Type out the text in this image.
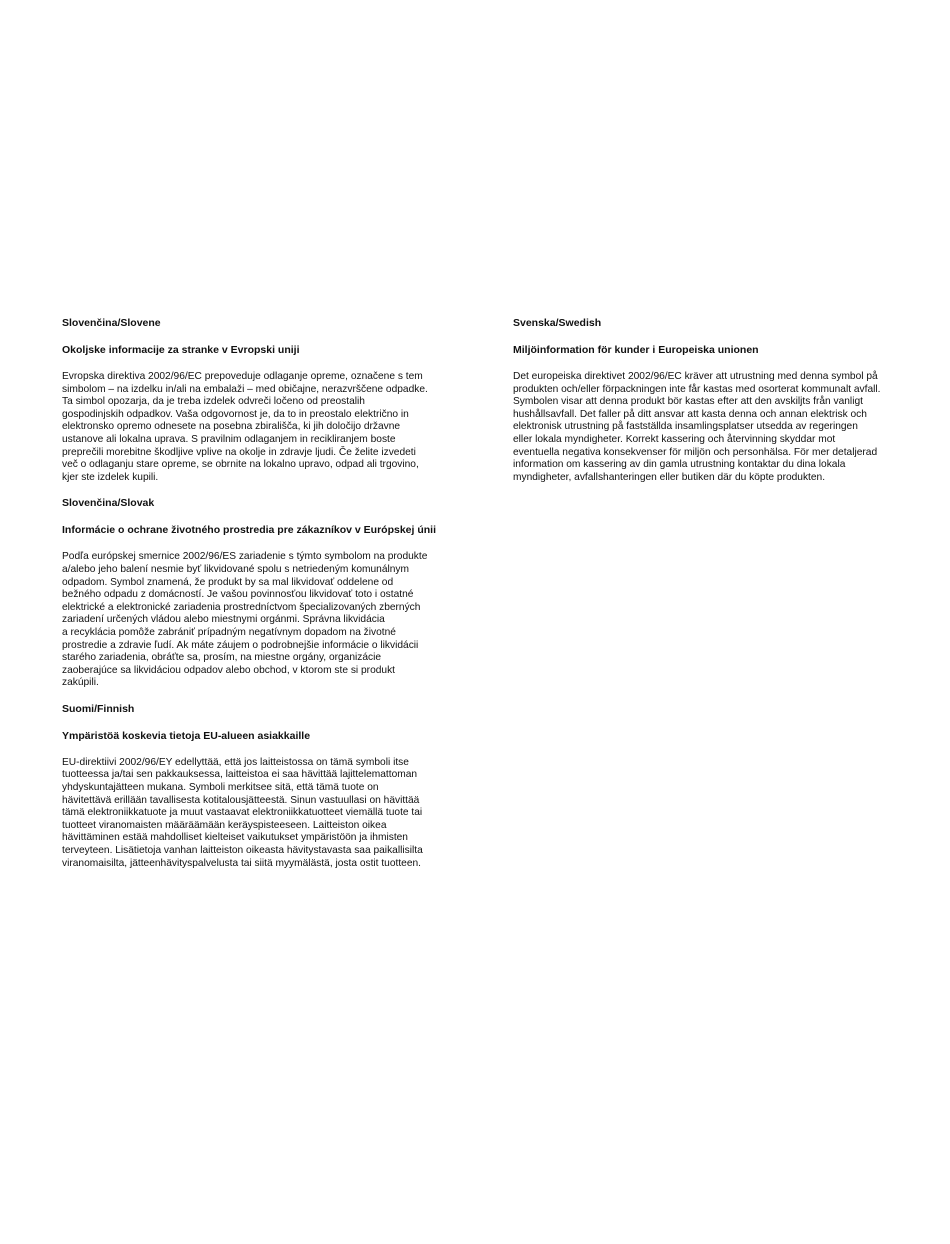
Slovenčina/Slovene
Okoljske informacije za stranke v Evropski uniji
Evropska direktiva 2002/96/EC prepoveduje odlaganje opreme, označene s tem
simbolom – na izdelku in/ali na embalaži – med običajne, nerazvrščene odpadke.
Ta simbol opozarja, da je treba izdelek odvreči ločeno od preostalih
gospodinjskih odpadkov. Vaša odgovornost je, da to in preostalo električno in
elektronsko opremo odnesete na posebna zbirališča, ki jih določijo državne
ustanove ali lokalna uprava. S pravilnim odlaganjem in recikliranjem boste
preprečili morebitne škodljive vplive na okolje in zdravje ljudi. Če želite izvedeti
več o odlaganju stare opreme, se obrnite na lokalno upravo, odpad ali trgovino,
kjer ste izdelek kupili.
Slovenčina/Slovak
Informácie o ochrane životného prostredia pre zákazníkov v Európskej únii
Podľa európskej smernice 2002/96/ES zariadenie s týmto symbolom na produkte
a/alebo jeho balení nesmie byť likvidované spolu s netriedeným komunálnym
odpadom. Symbol znamená, že produkt by sa mal likvidovať oddelene od
bežného odpadu z domácností. Je vašou povinnosťou likvidovať toto i ostatné
elektrické a elektronické zariadenia prostredníctvom špecializovaných zberných
zariadení určených vládou alebo miestnymi orgánmi. Správna likvidácia
a recyklácia pomôže zabrániť prípadným negatívnym dopadom na životné
prostredie a zdravie ľudí. Ak máte záujem o podrobnejšie informácie o likvidácii
starého zariadenia, obráťte sa, prosím, na miestne orgány, organizácie
zaoberajúce sa likvidáciou odpadov alebo obchod, v ktorom ste si produkt
zakúpili.
Suomi/Finnish
Ympäristöä koskevia tietoja EU-alueen asiakkaille
EU-direktiivi 2002/96/EY edellyttää, että jos laitteistossa on tämä symboli itse
tuotteessa ja/tai sen pakkauksessa, laitteistoa ei saa hävittää lajittelemattoman
yhdyskuntajätteen mukana. Symboli merkitsee sitä, että tämä tuote on
hävitettävä erillään tavallisesta kotitalousjätteestä. Sinun vastuullasi on hävittää
tämä elektroniikkatuote ja muut vastaavat elektroniikkatuotteet viemällä tuote tai
tuotteet viranomaisten määräämään keräyspisteeseen. Laitteiston oikea
hävittäminen estää mahdolliset kielteiset vaikutukset ympäristöön ja ihmisten
terveyteen. Lisätietoja vanhan laitteiston oikeasta hävitystavasta saa paikallisilta
viranomaisilta, jätteenhävityspalvelusta tai siitä myymälästä, josta ostit tuotteen.
Svenska/Swedish
Miljöinformation för kunder i Europeiska unionen
Det europeiska direktivet 2002/96/EC kräver att utrustning med denna symbol på
produkten och/eller förpackningen inte får kastas med osorterat kommunalt avfall.
Symbolen visar att denna produkt bör kastas efter att den avskiljts från vanligt
hushållsavfall. Det faller på ditt ansvar att kasta denna och annan elektrisk och
elektronisk utrustning på fastställda insamlingsplatser utsedda av regeringen
eller lokala myndigheter. Korrekt kassering och återvinning skyddar mot
eventuella negativa konsekvenser för miljön och personhälsa. För mer detaljerad
information om kassering av din gamla utrustning kontaktar du dina lokala
myndigheter, avfallshanteringen eller butiken där du köpte produkten.
